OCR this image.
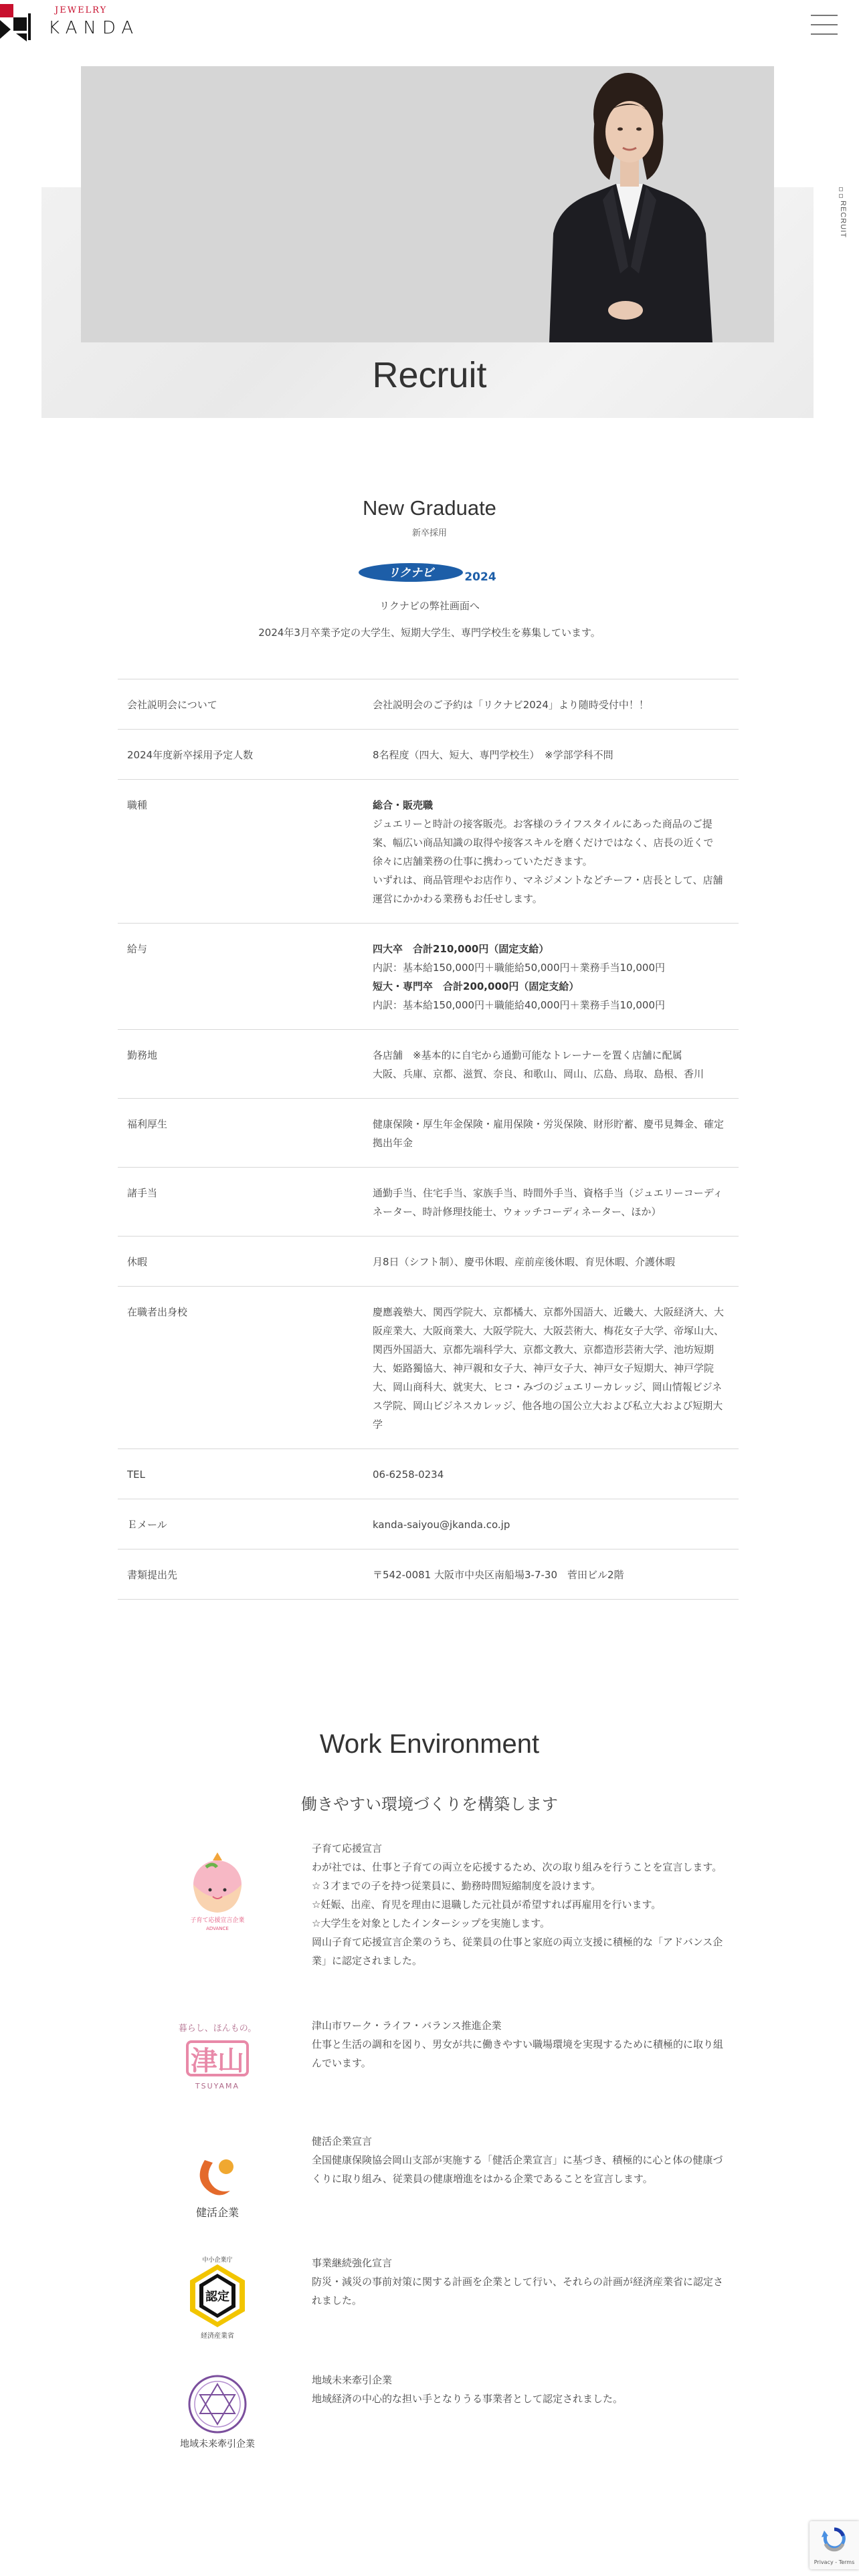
JEWELRY
KANDA
RECRUIT
Recruit
New Graduate
新卒採用
リクナビ	2024
リクナビの弊社画面へ
2024年3月卒業予定の大学生、短期大学生、専門学校生を募集しています。
会社説明会について	会社説明会のご予約は「リクナビ2024」より随時受付中！！
2024年度新卒採用予定人数	8名程度（四大、短大、専門学校生）　※学部学科不問
職種	総合・販売職
ジュエリーと時計の接客販売。お客様のライフスタイルにあった商品のご提案、幅広い商品知識の取得や接客スキルを磨くだけではなく、店長の近くで徐々に店舗業務の仕事に携わっていただきます。
いずれは、商品管理やお店作り、マネジメントなどチーフ・店長として、店舗運営にかかわる業務もお任せします。
給与	四大卒　合計210,000円（固定支給）
内訳：基本給150,000円＋職能給50,000円＋業務手当10,000円
短大・専門卒　合計200,000円（固定支給）
内訳：基本給150,000円＋職能給40,000円＋業務手当10,000円
勤務地	各店舗　※基本的に自宅から通勤可能なトレーナーを置く店舗に配属
大阪、兵庫、京都、滋賀、奈良、和歌山、岡山、広島、鳥取、島根、香川
福利厚生	健康保険・厚生年金保険・雇用保険・労災保険、財形貯蓄、慶弔見舞金、確定拠出年金
諸手当	通勤手当、住宅手当、家族手当、時間外手当、資格手当（ジュエリーコーディネーター、時計修理技能士、ウォッチコーディネーター、ほか）
休暇	月8日（シフト制）、慶弔休暇、産前産後休暇、育児休暇、介護休暇
在職者出身校	慶應義塾大、関西学院大、京都橘大、京都外国語大、近畿大、大阪経済大、大阪産業大、大阪商業大、大阪学院大、大阪芸術大、梅花女子大学、帝塚山大、関西外国語大、京都先端科学大、京都文教大、京都造形芸術大学、池坊短期大、姫路獨協大、神戸親和女子大、神戸女子大、神戸女子短期大、神戸学院大、岡山商科大、就実大、ヒコ・みづのジュエリーカレッジ、岡山情報ビジネス学院、岡山ビジネスカレッジ、他各地の国公立大および私立大および短期大学
TEL	06-6258-0234
Ｅメール	kanda-saiyou@jkanda.co.jp
書類提出先	〒542-0081 大阪市中央区南船場3-7-30　菅田ビル2階
Work Environment
働きやすい環境づくりを構築します
子育て応援宣言企業
ADVANCE
子育て応援宣言
わが社では、仕事と子育ての両立を応援するため、次の取り組みを行うことを宣言します。
☆３才までの子を持つ従業員に、勤務時間短縮制度を設けます。
☆妊娠、出産、育児を理由に退職した元社員が希望すれば再雇用を行います。
☆大学生を対象としたインターシップを実施します。
岡山子育て応援宣言企業のうち、従業員の仕事と家庭の両立支援に積極的な「アドバンス企業」に認定されました。
暮らし、ほんもの。
津山
TSUYAMA
津山市ワーク・ライフ・バランス推進企業
仕事と生活の調和を図り、男女が共に働きやすい職場環境を実現するために積極的に取り組んでいます。
健活企業
健活企業宣言
全国健康保険協会岡山支部が実施する「健活企業宣言」に基づき、積極的に心と体の健康づくりに取り組み、従業員の健康増進をはかる企業であることを宣言します。
中小企業庁
認定
経済産業省
事業継続強化宣言
防災・減災の事前対策に関する計画を企業として行い、それらの計画が経済産業省に認定されました。
地域未来牽引企業
地域未来牽引企業
地域経済の中心的な担い手となりうる事業者として認定されました。
Privacy - Terms
